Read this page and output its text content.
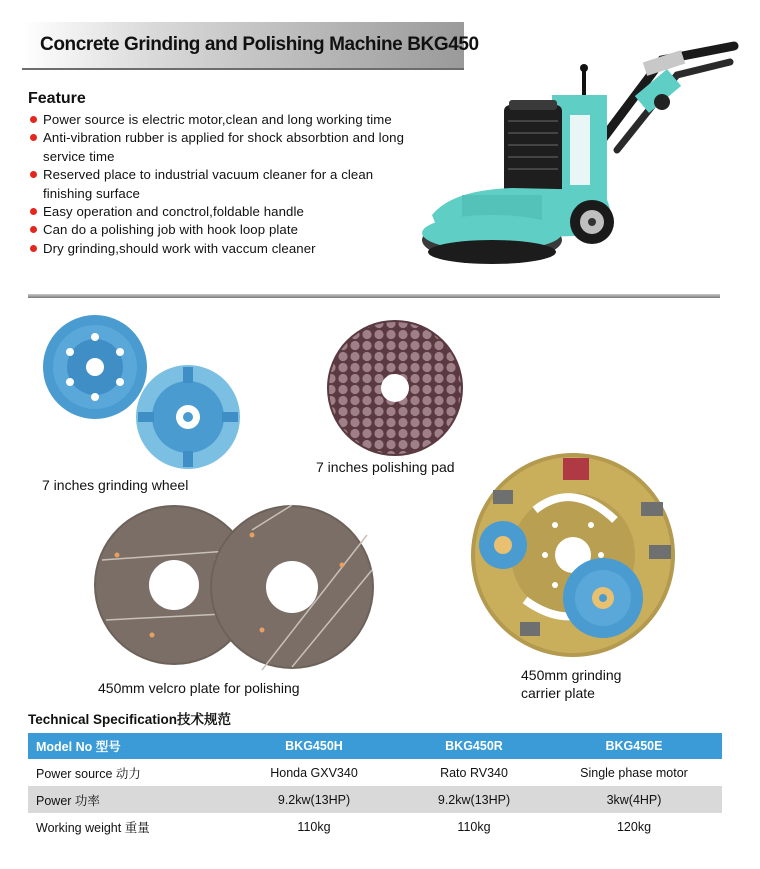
Concrete Grinding and Polishing Machine BKG450
Feature
Power source is electric motor,clean and long working time
Anti-vibration rubber is applied for shock absorbtion and long service time
Reserved place to industrial vacuum cleaner for a clean finishing surface
Easy operation and conctrol,foldable handle
Can do a polishing job with hook loop plate
Dry grinding,should work with vaccum cleaner
7 inches grinding wheel
7 inches polishing pad
450mm velcro plate for polishing
450mm grinding
carrier plate
Technical Specification技术规范
Model No 型号	BKG450H	BKG450R	BKG450E
Power source 动力	Honda GXV340	Rato RV340	Single phase motor
Power 功率	9.2kw(13HP)	9.2kw(13HP)	3kw(4HP)
Working weight 重量	110kg	110kg	120kg
